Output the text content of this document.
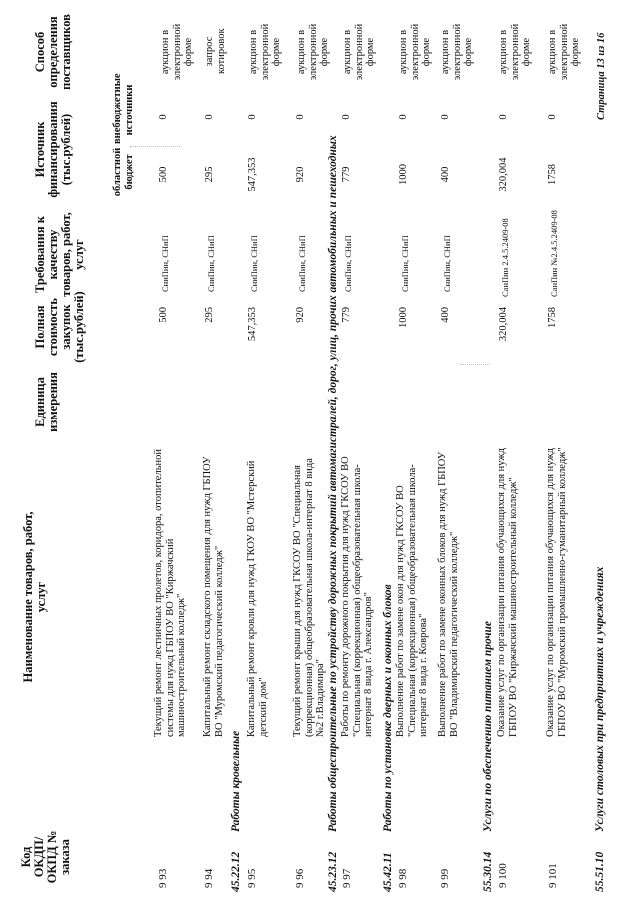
Код ОКДП/ ОКПД № заказа
Наименование товаров, работ, услуг
Единица измерения
Полная стоимость закупок (тыс.рублей)
Требования к качеству товаров, работ, услуг
Источник финансирования (тыс.рублей)	областной бюджет
внебюджетные источники
Способ определения поставщиков
9 93
Текущий ремонт лестничных пролетов, коридора, отопительной системы для нужд ГБПОУ ВО "Киржачский машиностроительный колледж"
500
СниПин, СНиП
500
0
аукцион в электронной форме
9 94
Капитальный ремонт складского помещения для нужд ГБПОУ ВО "Муромский педагогический колледж"
295
СниПин, СНиП
295
0
запрос котировок
45.22.12
Работы кровельные
9 95
Капитальный ремонт кровли для нужд ГКОУ ВО "Мстерский детский дом"
547,353
СниПин, СНиП
547,353
0
аукцион в электронной форме
9 96
Текущий ремонт крыши для нужд ГКСОУ ВО "Специальная (коррекционная) общеобразовательная школа-интернат 8 вида №2 г.Владимира"
920
СниПин, СНиП
920
0
аукцион в электронной форме
45.23.12
Работы общестроительные по устройству дорожных покрытий автомагистралей, дорог, улиц, прочих автомобильных и пешеходных
9 97
Работы по ремонту дорожного покрытия для нужд ГКСОУ ВО "Специальная (коррекционная) общеобразовательная школа-интернат 8 вида г. Александров"
779
СниПин, СНиП
779
0
аукцион в электронной форме
45.42.11
Работы по установке дверных и оконных блоков
9 98
Выполнение работ по замене окон для нужд ГКСОУ ВО "Специальная (коррекционная) общеобразовательная школа-интернат 8 вида г. Коврова"
1000
СниПин, СНиП
1000
0
аукцион в электронной форме
9 99
Выполнение работ по замене оконных блоков для нужд ГБПОУ ВО "Владимирский педагогический колледж"
400
СниПин, СНиП
400
0
аукцион в электронной форме
55.30.14
Услуги по обеспечению питанием прочие
9 100
Оказание услуг по организации питания обучающихся для нужд ГБПОУ ВО "Киржачский машиностроительный колледж"
320,004
СанПин 2.4.5.2409-08
320,004
0
аукцион в электронной форме
9 101
Оказание услуг по организации питания обучающихся для нужд ГБПОУ ВО "Муромский промышленно-гуманитарный колледж"
1758
СанПин №2.4.5.2409-08
1758
0
аукцион в электронной форме
55.51.10
Услуги столовых при предприятиях и учреждениях
Страница 13 из 16
